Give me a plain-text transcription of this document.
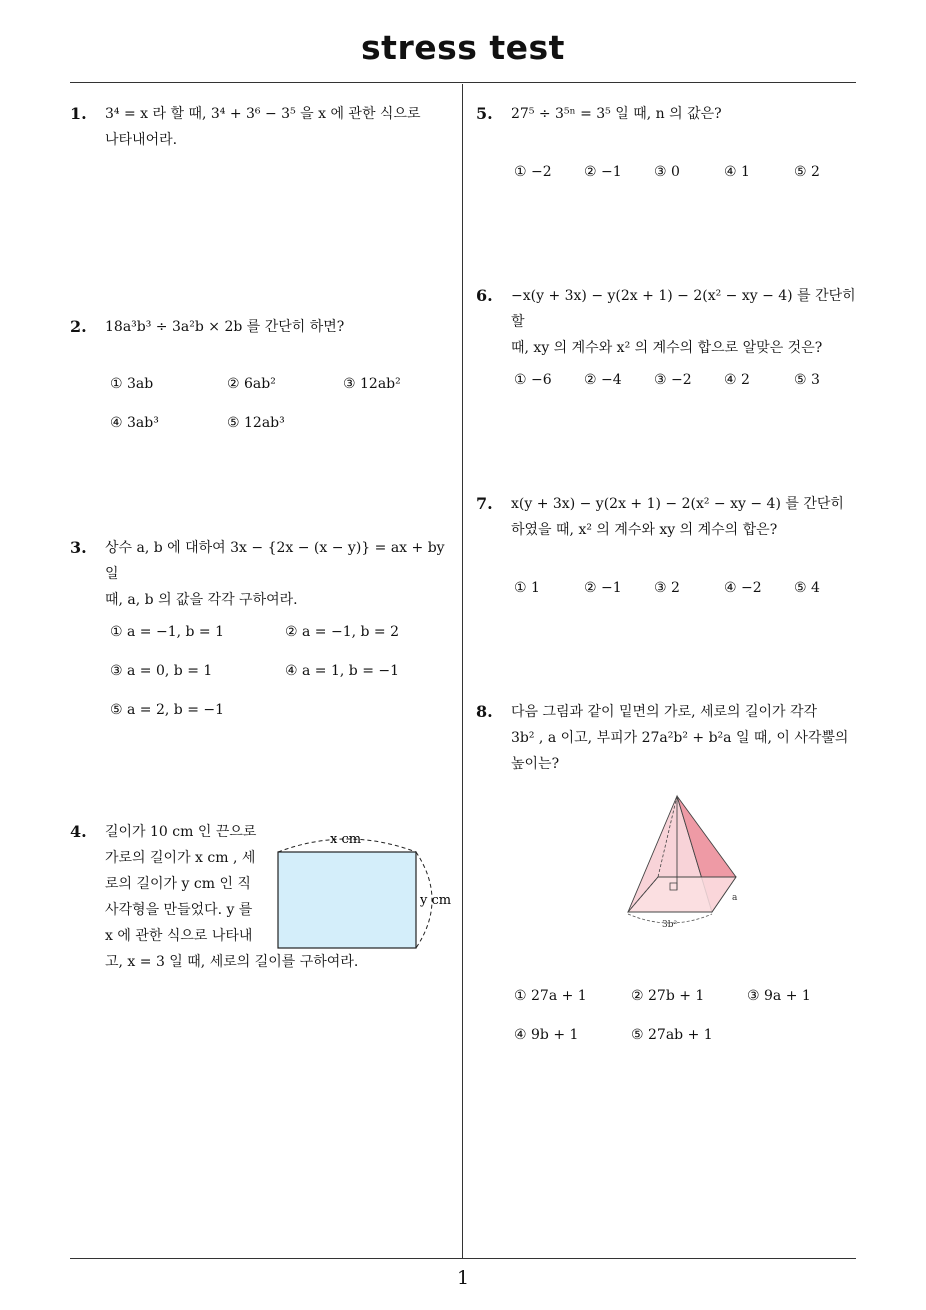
stress test
1
1. 3⁴ = x 라 할 때, 3⁴ + 3⁶ − 3⁵ 을 x 에 관한 식으로
나타내어라.
2. 18a³b³ ÷ 3a²b × 2b 를 간단히 하면?
① 3ab	② 6ab²	③ 12ab²
④ 3ab³	⑤ 12ab³
3. 상수 a, b 에 대하여 3x − {2x − (x − y)} = ax + by 일
때, a, b 의 값을 각각 구하여라.
① a = −1, b = 1	② a = −1, b = 2
③ a = 0, b = 1	④ a = 1, b = −1
⑤ a = 2, b = −1
4. 길이가 10 cm 인 끈으로
가로의 길이가 x cm , 세
로의 길이가 y cm 인 직
사각형을 만들었다. y 를
x 에 관한 식으로 나타내
고, x = 3 일 때, 세로의 길이를 구하여라.
x cm
y cm
5. 27⁵ ÷ 3⁵ⁿ = 3⁵ 일 때, n 의 값은?
① −2 ② −1 ③ 0	④ 1	⑤ 2
6. −x(y + 3x) − y(2x + 1) − 2(x² − xy − 4) 를 간단히 할
때, xy 의 계수와 x² 의 계수의 합으로 알맞은 것은?
① −6 ② −4 ③ −2 ④ 2	⑤ 3
7. x(y + 3x) − y(2x + 1) − 2(x² − xy − 4) 를 간단히
하였을 때, x² 의 계수와 xy 의 계수의 합은?
① 1	② −1 ③ 2	④ −2 ⑤ 4
8. 다음 그림과 같이 밑면의 가로, 세로의 길이가 각각
3b² , a 이고, 부피가 27a²b² + b²a 일 때, 이 사각뿔의
높이는?
3b²
a
① 27a + 1	② 27b + 1	③ 9a + 1
④ 9b + 1	⑤ 27ab + 1
